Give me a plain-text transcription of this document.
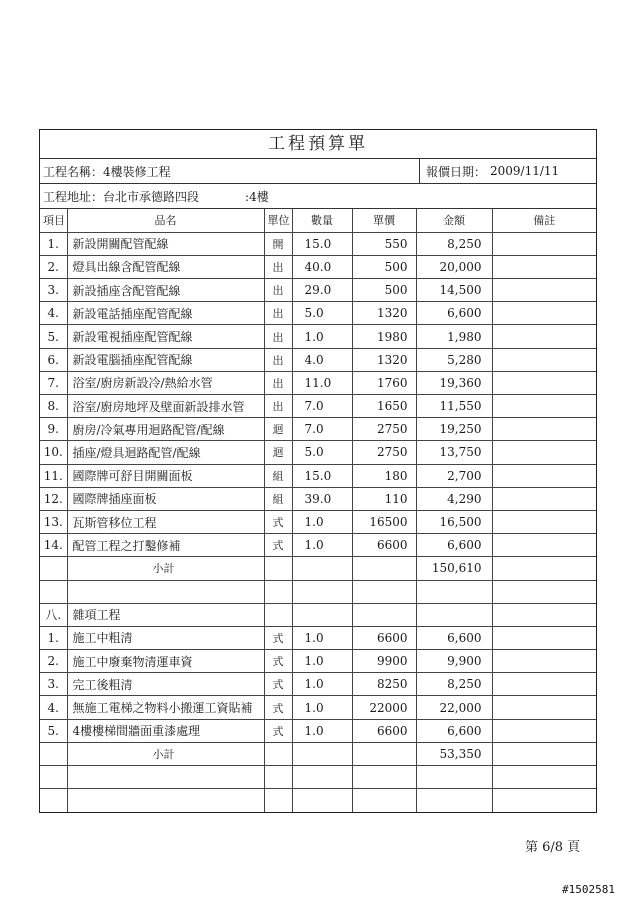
工程預算單
工程名稱：4樓裝修工程	報價日期： 2009/11/11
工程地址：台北市承德路四段	:4樓
項目	品名	單位	數量	單價	金額	備註
1.	新設開關配管配線	開	15.0	550	8,250	
2.	燈具出線含配管配線	出	40.0	500	20,000	
3.	新設插座含配管配線	出	29.0	500	14,500	
4.	新設電話插座配管配線	出	5.0	1320	6,600	
5.	新設電視插座配管配線	出	1.0	1980	1,980	
6.	新設電腦插座配管配線	出	4.0	1320	5,280	
7.	浴室/廚房新設冷/熱給水管	出	11.0	1760	19,360	
8.	浴室/廚房地坪及壁面新設排水管	出	7.0	1650	11,550	
9.	廚房/冷氣專用迴路配管/配線	迴	7.0	2750	19,250	
10.	插座/燈具迴路配管/配線	迴	5.0	2750	13,750	
11.	國際牌可舒目開關面板	組	15.0	180	2,700	
12.	國際牌插座面板	組	39.0	110	4,290	
13.	瓦斯管移位工程	式	1.0	16500	16,500	
14.	配管工程之打鑿修補	式	1.0	6600	6,600	
	小計				150,610	

八.	雜項工程					
1.	施工中粗清	式	1.0	6600	6,600	
2.	施工中廢棄物清運車資	式	1.0	9900	9,900	
3.	完工後粗清	式	1.0	8250	8,250	
4.	無施工電梯之物料小搬運工資貼補	式	1.0	22000	22,000	
5.	4樓樓梯間牆面重漆處理	式	1.0	6600	6,600	
	小計				53,350	

第 6/8 頁
#1502581
